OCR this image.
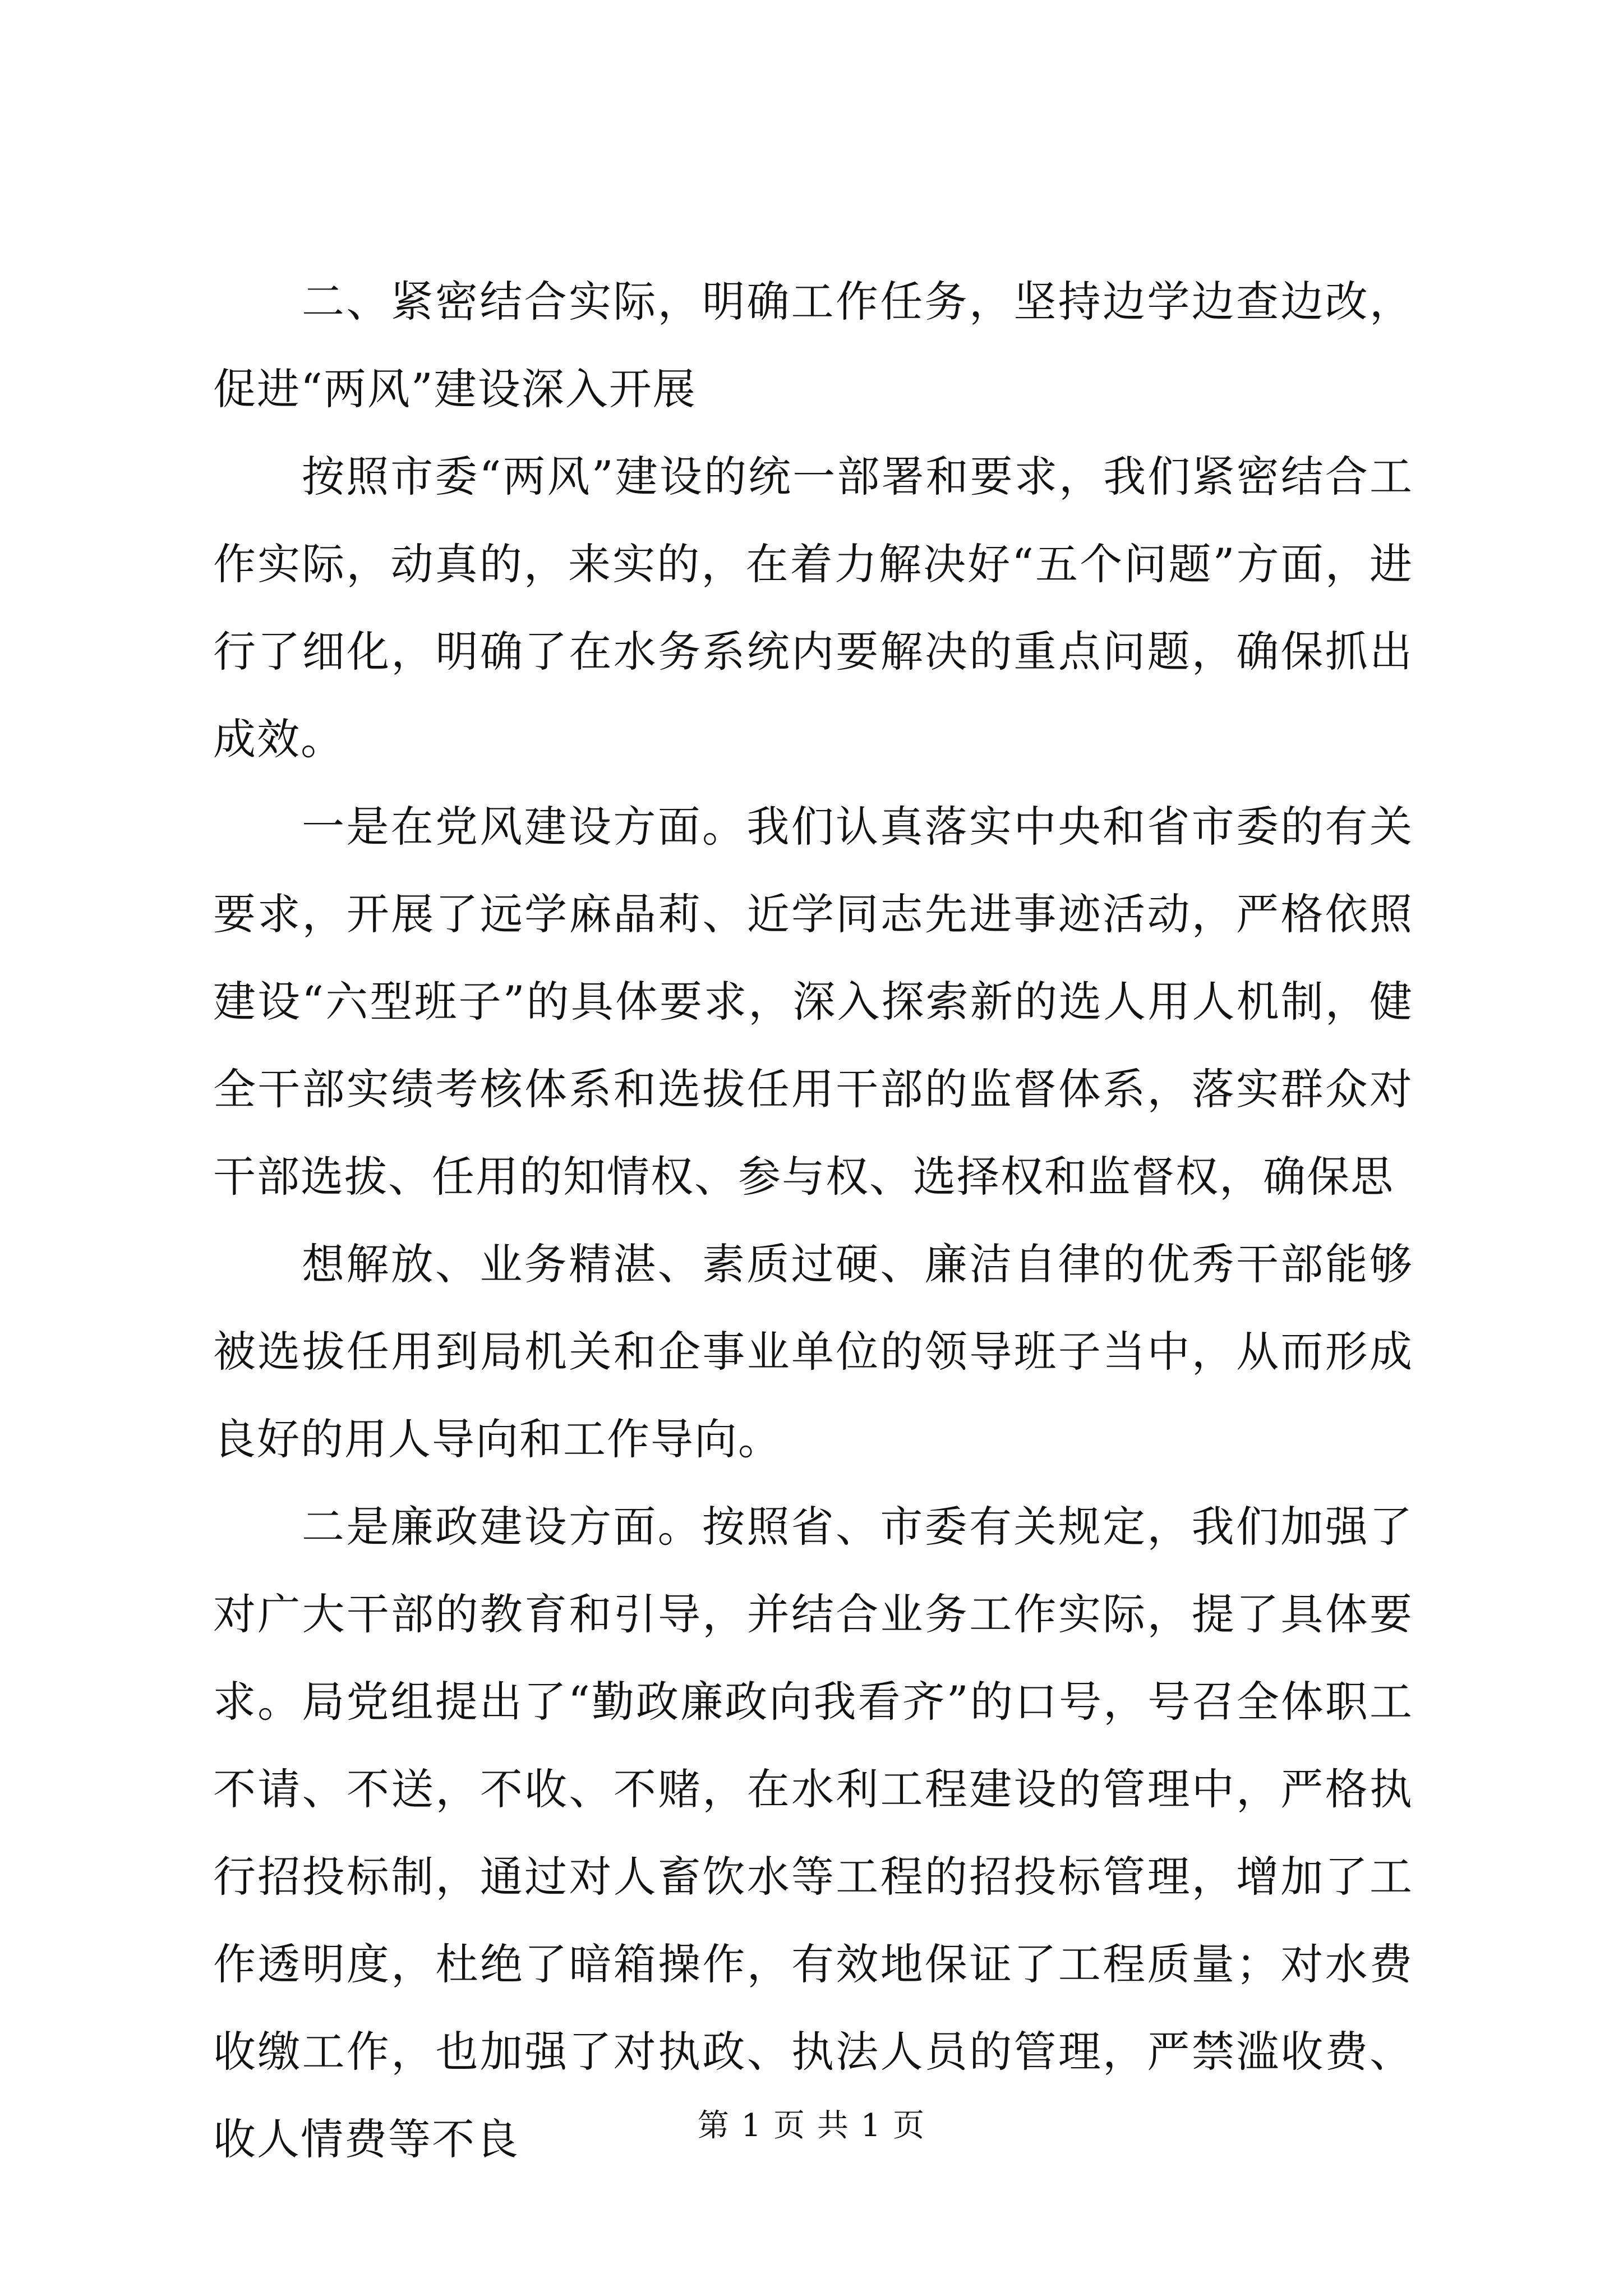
二、紧密结合实际，明确工作任务，坚持边学边查边改，促进“两风”建设深入开展

按照市委“两风”建设的统一部署和要求，我们紧密结合工作实际，动真的，来实的，在着力解决好“五个问题”方面，进行了细化，明确了在水务系统内要解决的重点问题，确保抓出成效。

一是在党风建设方面。我们认真落实中央和省市委的有关要求，开展了远学麻晶莉、近学同志先进事迹活动，严格依照建设“六型班子”的具体要求，深入探索新的选人用人机制，健全干部实绩考核体系和选拔任用干部的监督体系，落实群众对干部选拔、任用的知情权、参与权、选择权和监督权，确保思

想解放、业务精湛、素质过硬、廉洁自律的优秀干部能够被选拔任用到局机关和企事业单位的领导班子当中，从而形成良好的用人导向和工作导向。

二是廉政建设方面。按照省、市委有关规定，我们加强了对广大干部的教育和引导，并结合业务工作实际，提了具体要求。局党组提出了“勤政廉政向我看齐”的口号，号召全体职工不请、不送，不收、不赌，在水利工程建设的管理中，严格执行招投标制，通过对人畜饮水等工程的招投标管理，增加了工作透明度，杜绝了暗箱操作，有效地保证了工程质量；对水费收缴工作，也加强了对执政、执法人员的管理，严禁滥收费、收人情费等不良	第 1 页 共 1 页
